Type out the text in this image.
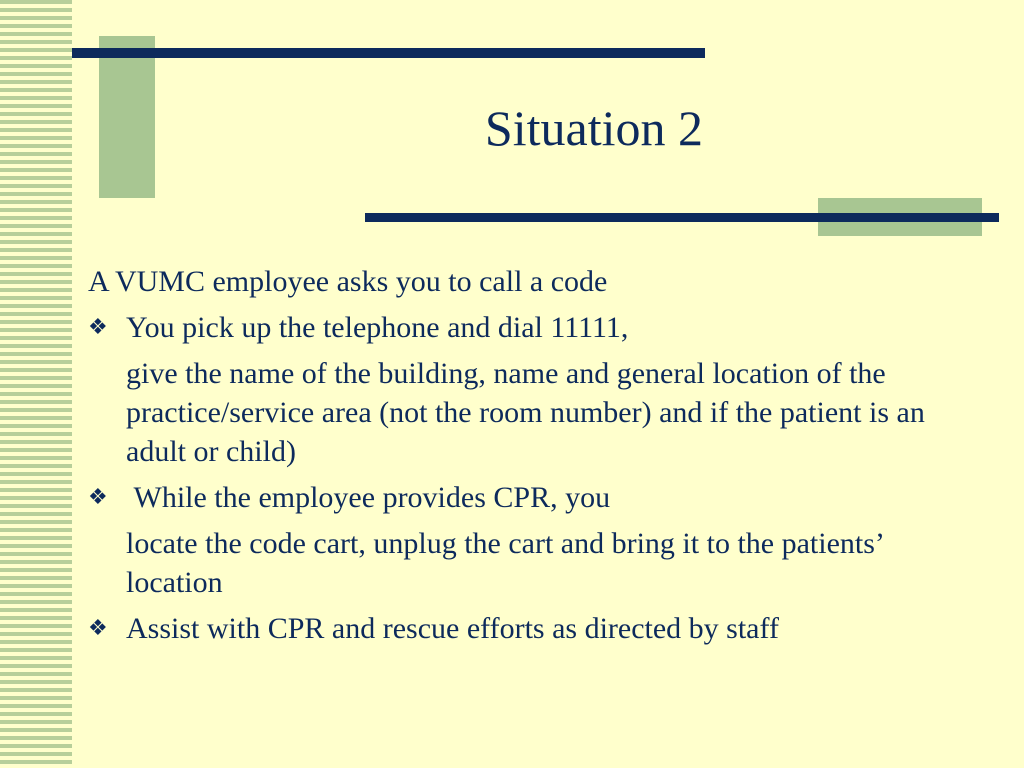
Situation 2

A VUMC employee asks you to call a code

❖ You pick up the telephone and dial 11111,

give the name of the building, name and general location of the practice/service area (not the room number) and if the patient is an adult or child)

❖ While the employee provides CPR, you

locate the code cart, unplug the cart and bring it to the patients’ location

❖ Assist with CPR and rescue efforts as directed by staff
